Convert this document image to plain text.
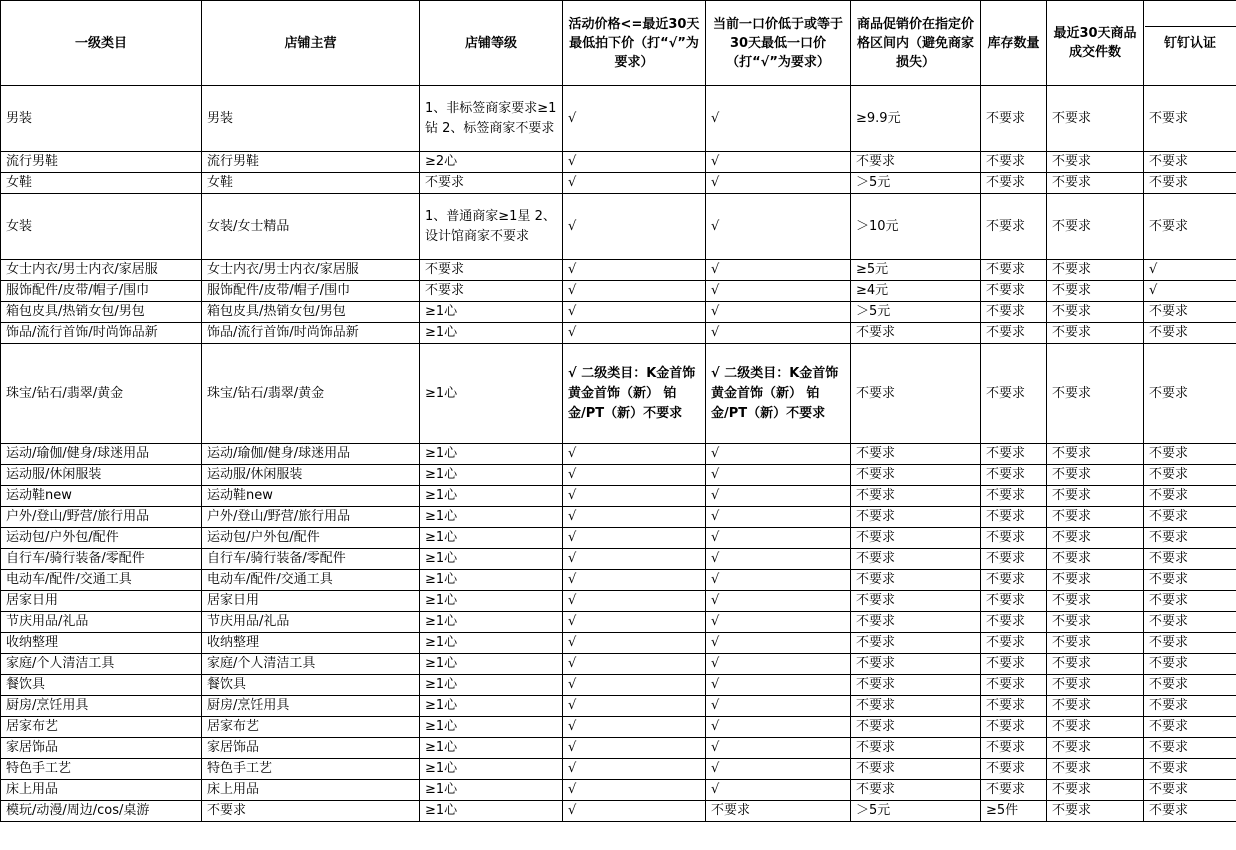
一级类目	店铺主营	店铺等级	活动价格<=最近30天最低拍下价（打“√”为要求）	当前一口价低于或等于30天最低一口价（打“√”为要求）	商品促销价在指定价格区间内（避免商家损失）	库存数量	最近30天商品成交件数	钉钉认证
男装	男装	1、非标签商家要求≥1钻 2、标签商家不要求	√	√	≥9.9元	不要求	不要求	不要求
流行男鞋	流行男鞋	≥2心	√	√	不要求	不要求	不要求	不要求
女鞋	女鞋	不要求	√	√	＞5元	不要求	不要求	不要求
女装	女装/女士精品	1、普通商家≥1星 2、设计馆商家不要求	√	√	＞10元	不要求	不要求	不要求
女士内衣/男士内衣/家居服	女士内衣/男士内衣/家居服	不要求	√	√	≥5元	不要求	不要求	√
服饰配件/皮带/帽子/围巾	服饰配件/皮带/帽子/围巾	不要求	√	√	≥4元	不要求	不要求	√
箱包皮具/热销女包/男包	箱包皮具/热销女包/男包	≥1心	√	√	＞5元	不要求	不要求	不要求
饰品/流行首饰/时尚饰品新	饰品/流行首饰/时尚饰品新	≥1心	√	√	不要求	不要求	不要求	不要求
珠宝/钻石/翡翠/黄金	珠宝/钻石/翡翠/黄金	≥1心	√ 二级类目：K金首饰 黄金首饰（新） 铂金/PT（新）不要求	√ 二级类目：K金首饰 黄金首饰（新） 铂金/PT（新）不要求	不要求	不要求	不要求	不要求
运动/瑜伽/健身/球迷用品	运动/瑜伽/健身/球迷用品	≥1心	√	√	不要求	不要求	不要求	不要求
运动服/休闲服装	运动服/休闲服装	≥1心	√	√	不要求	不要求	不要求	不要求
运动鞋new	运动鞋new	≥1心	√	√	不要求	不要求	不要求	不要求
户外/登山/野营/旅行用品	户外/登山/野营/旅行用品	≥1心	√	√	不要求	不要求	不要求	不要求
运动包/户外包/配件	运动包/户外包/配件	≥1心	√	√	不要求	不要求	不要求	不要求
自行车/骑行装备/零配件	自行车/骑行装备/零配件	≥1心	√	√	不要求	不要求	不要求	不要求
电动车/配件/交通工具	电动车/配件/交通工具	≥1心	√	√	不要求	不要求	不要求	不要求
居家日用	居家日用	≥1心	√	√	不要求	不要求	不要求	不要求
节庆用品/礼品	节庆用品/礼品	≥1心	√	√	不要求	不要求	不要求	不要求
收纳整理	收纳整理	≥1心	√	√	不要求	不要求	不要求	不要求
家庭/个人清洁工具	家庭/个人清洁工具	≥1心	√	√	不要求	不要求	不要求	不要求
餐饮具	餐饮具	≥1心	√	√	不要求	不要求	不要求	不要求
厨房/烹饪用具	厨房/烹饪用具	≥1心	√	√	不要求	不要求	不要求	不要求
居家布艺	居家布艺	≥1心	√	√	不要求	不要求	不要求	不要求
家居饰品	家居饰品	≥1心	√	√	不要求	不要求	不要求	不要求
特色手工艺	特色手工艺	≥1心	√	√	不要求	不要求	不要求	不要求
床上用品	床上用品	≥1心	√	√	不要求	不要求	不要求	不要求
模玩/动漫/周边/cos/桌游	不要求	≥1心	√	不要求	＞5元	≥5件	不要求	不要求
